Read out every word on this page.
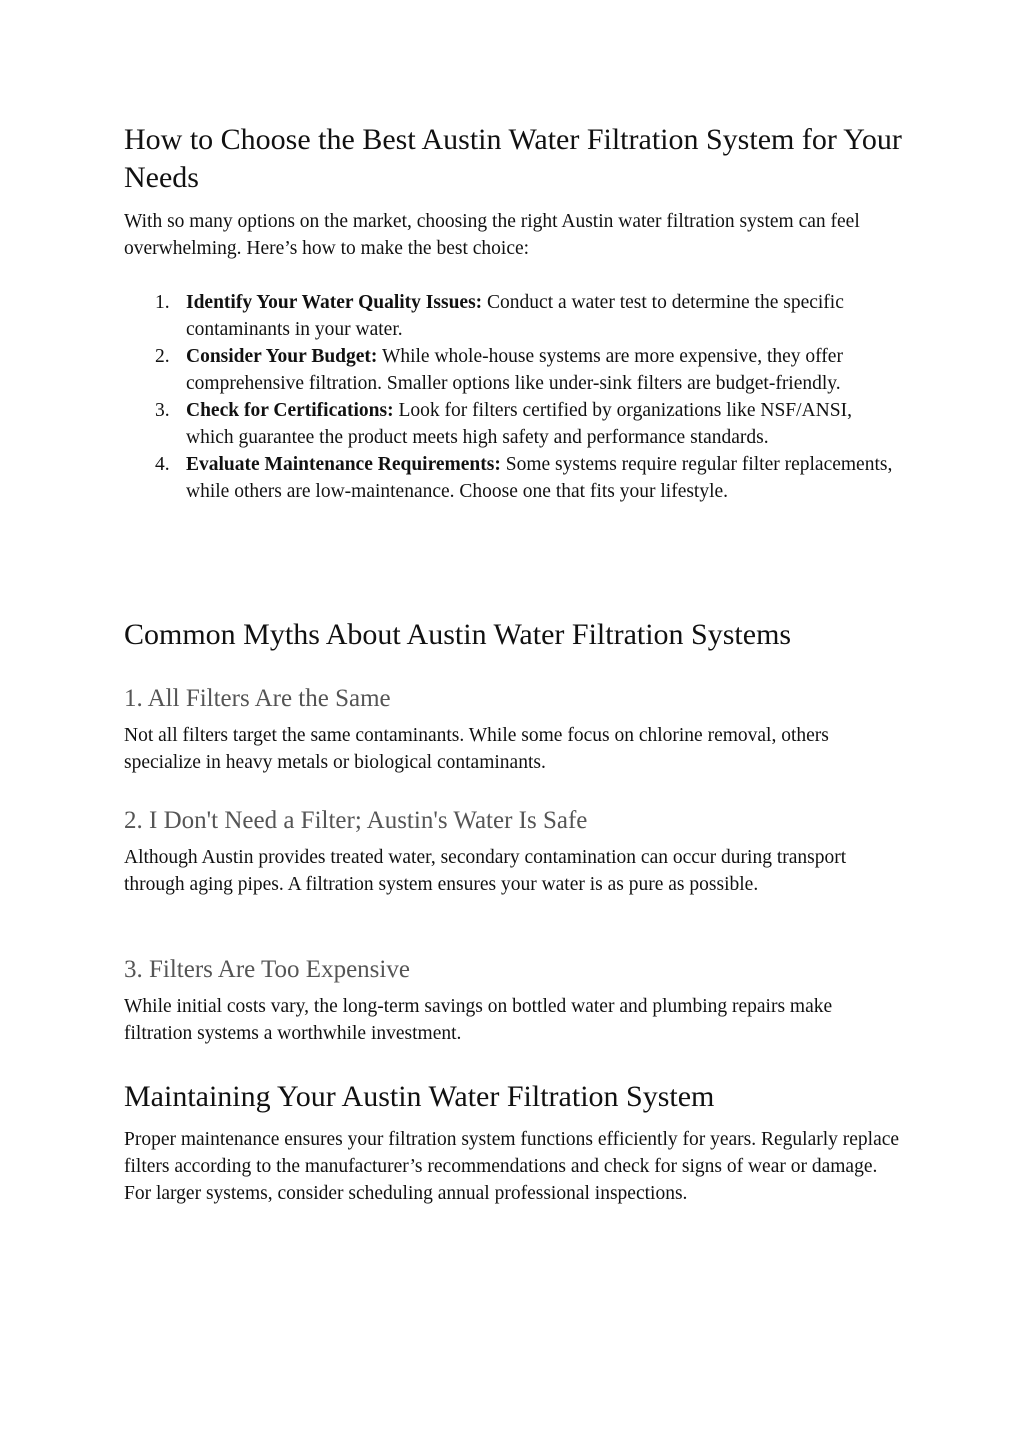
How to Choose the Best Austin Water Filtration System for Your Needs

With so many options on the market, choosing the right Austin water filtration system can feel overwhelming. Here’s how to make the best choice:

1. Identify Your Water Quality Issues: Conduct a water test to determine the specific contaminants in your water.
2. Consider Your Budget: While whole-house systems are more expensive, they offer comprehensive filtration. Smaller options like under-sink filters are budget-friendly.
3. Check for Certifications: Look for filters certified by organizations like NSF/ANSI, which guarantee the product meets high safety and performance standards.
4. Evaluate Maintenance Requirements: Some systems require regular filter replacements, while others are low-maintenance. Choose one that fits your lifestyle.
Common Myths About Austin Water Filtration Systems
1. All Filters Are the Same

Not all filters target the same contaminants. While some focus on chlorine removal, others specialize in heavy metals or biological contaminants.

2. I Don't Need a Filter; Austin's Water Is Safe

Although Austin provides treated water, secondary contamination can occur during transport through aging pipes. A filtration system ensures your water is as pure as possible.

3. Filters Are Too Expensive

While initial costs vary, the long-term savings on bottled water and plumbing repairs make filtration systems a worthwhile investment.

Maintaining Your Austin Water Filtration System

Proper maintenance ensures your filtration system functions efficiently for years. Regularly replace filters according to the manufacturer’s recommendations and check for signs of wear or damage. For larger systems, consider scheduling annual professional inspections.
